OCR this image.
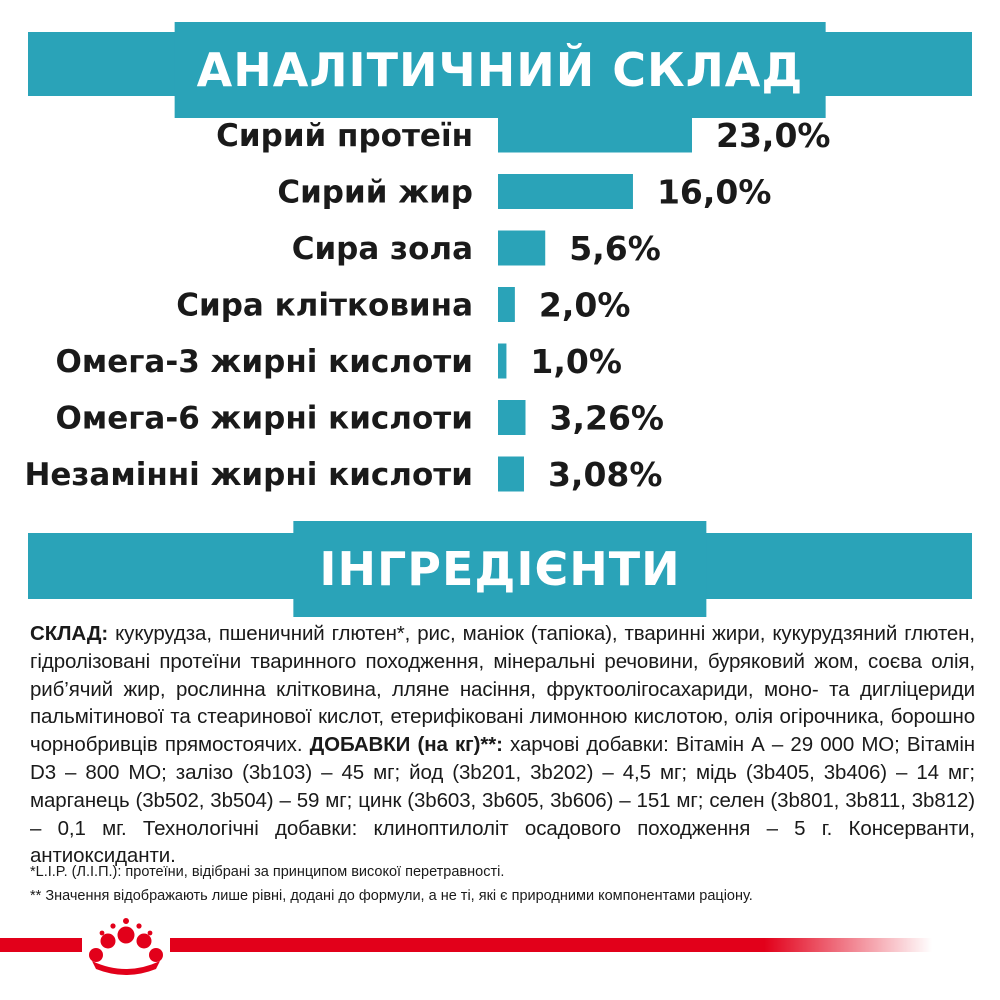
АНАЛІТИЧНИЙ СКЛАД
Сирий протеїн	23,0%
Сирий жир	16,0%
Сира зола	5,6%
Сира клітковина 2,0%
Омега-3 жирні кислоти 1,0%
Омега-6 жирні кислоти 3,26%
Незамінні жирні кислоти 3,08%
ІНГРЕДІЄНТИ
СКЛАД: кукурудза, пшеничний глютен*, рис, маніок (тапіока), тваринні жири, кукурудзяний глютен, гідролізовані протеїни тваринного походження, мінеральні речовини, буряковий жом, соєва олія, риб’ячий жир, рослинна клітковина, лляне насіння, фруктоолігосахариди, моно- та дигліцериди пальмітинової та стеаринової кислот, етерифіковані лимонною кислотою, олія огірочника, борошно чорнобривців прямостоячих. ДОБАВКИ (на кг)**: харчові добавки: Вітамін А – 29 000 МО; Вітамін D3 – 800 МО; залізо (3b103) – 45 мг; йод (3b201, 3b202) – 4,5 мг; мідь (3b405, 3b406) – 14 мг; марганець (3b502, 3b504) – 59 мг; цинк (3b603, 3b605, 3b606) – 151 мг; селен (3b801, 3b811, 3b812) – 0,1 мг. Технологічні добавки: клиноптилоліт осадового походження – 5 г. Консерванти, антиоксиданти.
*L.I.P. (Л.І.П.): протеїни, відібрані за принципом високої перетравності.
** Значення відображають лише рівні, додані до формули, а не ті, які є природними компонентами раціону.
